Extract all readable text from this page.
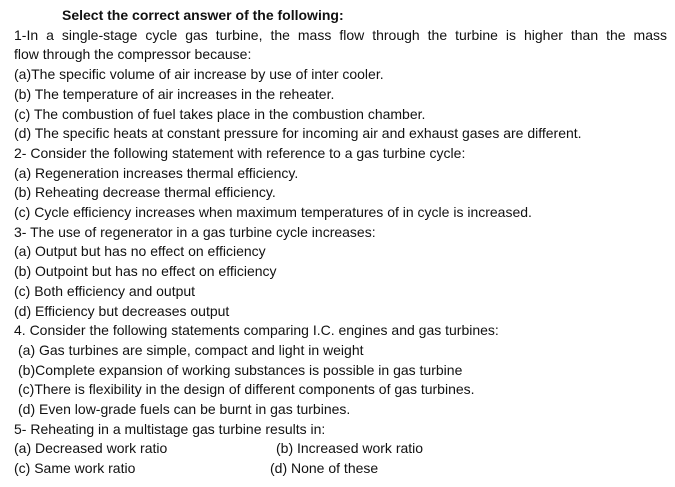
Select the correct answer of the following:
1-In a single-stage cycle gas turbine, the mass flow through the turbine is higher than the mass
flow through the compressor because:
(a)The specific volume of air increase by use of inter cooler.
(b) The temperature of air increases in the reheater.
(c) The combustion of fuel takes place in the combustion chamber.
(d) The specific heats at constant pressure for incoming air and exhaust gases are different.
2- Consider the following statement with reference to a gas turbine cycle:
(a) Regeneration increases thermal efficiency.
(b) Reheating decrease thermal efficiency.
(c) Cycle efficiency increases when maximum temperatures of in cycle is increased.
3- The use of regenerator in a gas turbine cycle increases:
(a) Output but has no effect on efficiency
(b) Outpoint but has no effect on efficiency
(c) Both efficiency and output
(d) Efficiency but decreases output
4. Consider the following statements comparing I.C. engines and gas turbines:
(a) Gas turbines are simple, compact and light in weight
(b)Complete expansion of working substances is possible in gas turbine
(c)There is flexibility in the design of different components of gas turbines.
(d) Even low-grade fuels can be burnt in gas turbines.
5- Reheating in a multistage gas turbine results in:
(a) Decreased work ratio	(b) Increased work ratio
(c) Same work ratio	(d) None of these
